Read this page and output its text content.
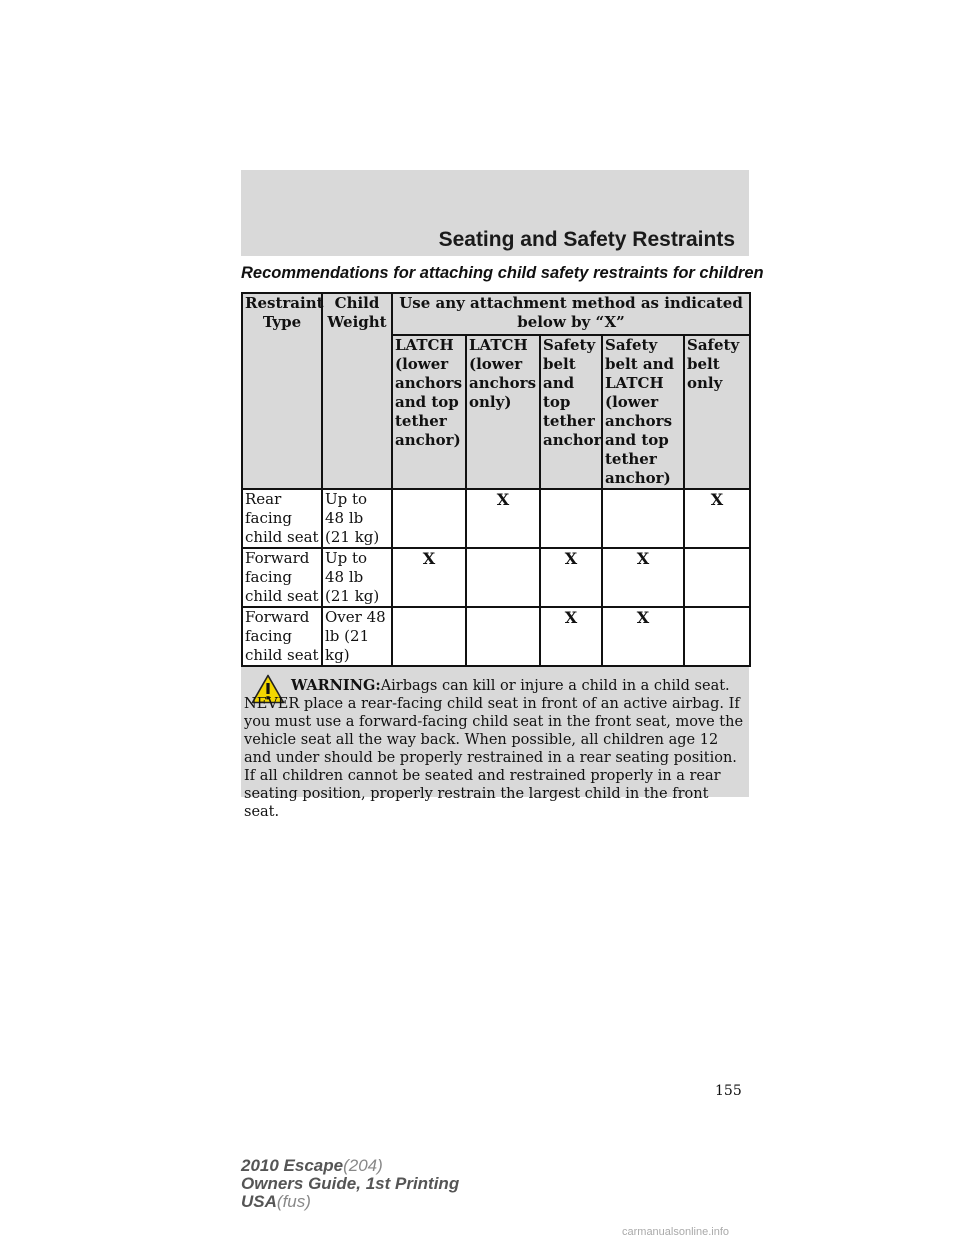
Seating and Safety Restraints
Recommendations for attaching child safety restraints for children
Restraint Type	Child Weight	Use any attachment method as indicated below by “X”				
		LATCH (lower anchors and top tether anchor)	LATCH (lower anchors only)	Safety belt and top tether anchor	Safety belt and LATCH (lower anchors and top tether anchor)	Safety belt only
Rear facing child seat	Up to 48 lb (21 kg)		X			X
Forward facing child seat	Up to 48 lb (21 kg)	X		X	X	
Forward facing child seat	Over 48 lb (21 kg)			X	X	
WARNING:Airbags can kill or injure a child in a child seat. NEVER place a rear-facing child seat in front of an active airbag. If you must use a forward-facing child seat in the front seat, move the vehicle seat all the way back. When possible, all children age 12 and under should be properly restrained in a rear seating position. If all children cannot be seated and restrained properly in a rear seating position, properly restrain the largest child in the front seat.
155
2010 Escape(204)
Owners Guide, 1st Printing
USA(fus)
carmanualsonline.info
